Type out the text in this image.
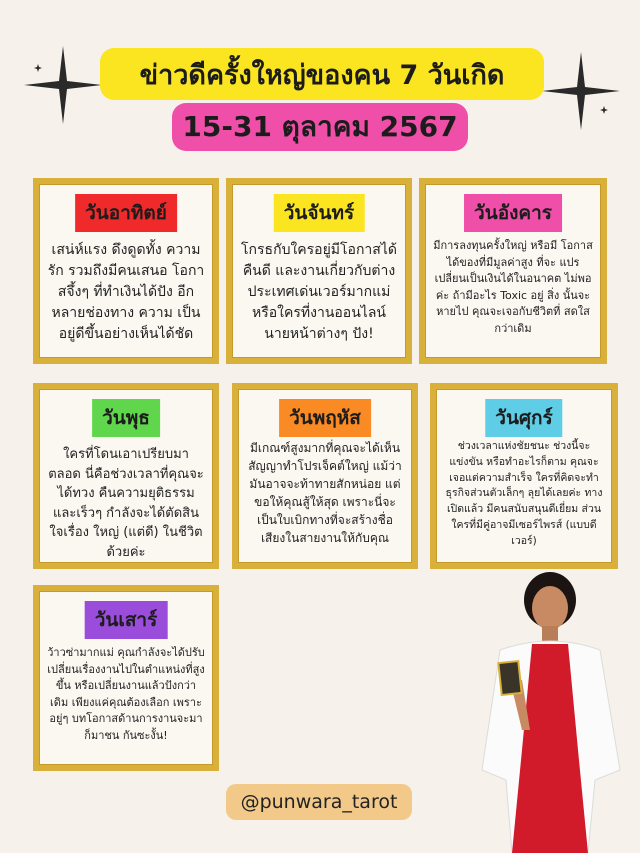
ข่าวดีครั้งใหญ่ของคน 7 วันเกิด
15-31 ตุลาคม 2567
วันอาทิตย์
เสน่ห์แรง ดึงดูดทั้ง ความรัก รวมถึงมีคนเสนอ โอกาสจึ้งๆ ที่ทำเงินได้ปัง อีกหลายช่องทาง ความ เป็นอยู่ดีขึ้นอย่างเห็นได้ชัด
วันจันทร์
โกรธกับใครอยู่มีโอกาสได้ คืนดี และงานเกี่ยวกับต่าง ประเทศเด่นเวอร์มากแม่ หรือใครที่งานออนไลน์ นายหน้าต่างๆ ปัง!
วันอังคาร
มีการลงทุนครั้งใหญ่ หรือมี โอกาสได้ของที่มีมูลค่าสูง ที่จะ แปรเปลี่ยนเป็นเงินได้ในอนาคต ไม่พอค่ะ ถ้ามีอะไร Toxic อยู่ สิ่ง นั้นจะหายไป คุณจะเจอกับชีวิตที่ สดใสกว่าเดิม
วันพุธ
ใครที่โดนเอาเปรียบมาตลอด นี่คือช่วงเวลาที่คุณจะได้ทวง คืนความยุติธรรม และเร็วๆ กำลังจะได้ตัดสินใจเรื่อง ใหญ่ (แต่ดี) ในชีวิตด้วยค่ะ
วันพฤหัส
มีเกณฑ์สูงมากที่คุณจะได้เห็น สัญญาทำโปรเจ็คต์ใหญ่ แม้ว่า มันอาจจะท้าทายสักหน่อย แต่ ขอให้คุณสู้ให้สุด เพราะนี่จะ เป็นใบเบิกทางที่จะสร้างชื่อ เสียงในสายงานให้กับคุณ
วันศุกร์
ช่วงเวลาแห่งชัยชนะ ช่วงนี้จะ แข่งขัน หรือทำอะไรก็ตาม คุณจะ เจอแต่ความสำเร็จ ใครที่คิดจะทำ ธุรกิจส่วนตัวเล็กๆ ลุยได้เลยค่ะ ทางเปิดแล้ว มีคนสนับสนุนดีเยี่ยม ส่วนใครที่มีคู่อาจมีเซอร์ไพรส์ (แบบดีเวอร์)
วันเสาร์
ว้าวซ่ามากแม่ คุณกำลังจะได้ปรับ เปลี่ยนเรื่องงานไปในตำแหน่งที่สูง ขึ้น หรือเปลี่ยนงานแล้วปังกว่าเดิม เพียงแค่คุณต้องเลือก เพราะอยู่ๆ บทโอกาสด้านการงานจะมาก็มาชน กันซะงั้น!
@punwara_tarot
